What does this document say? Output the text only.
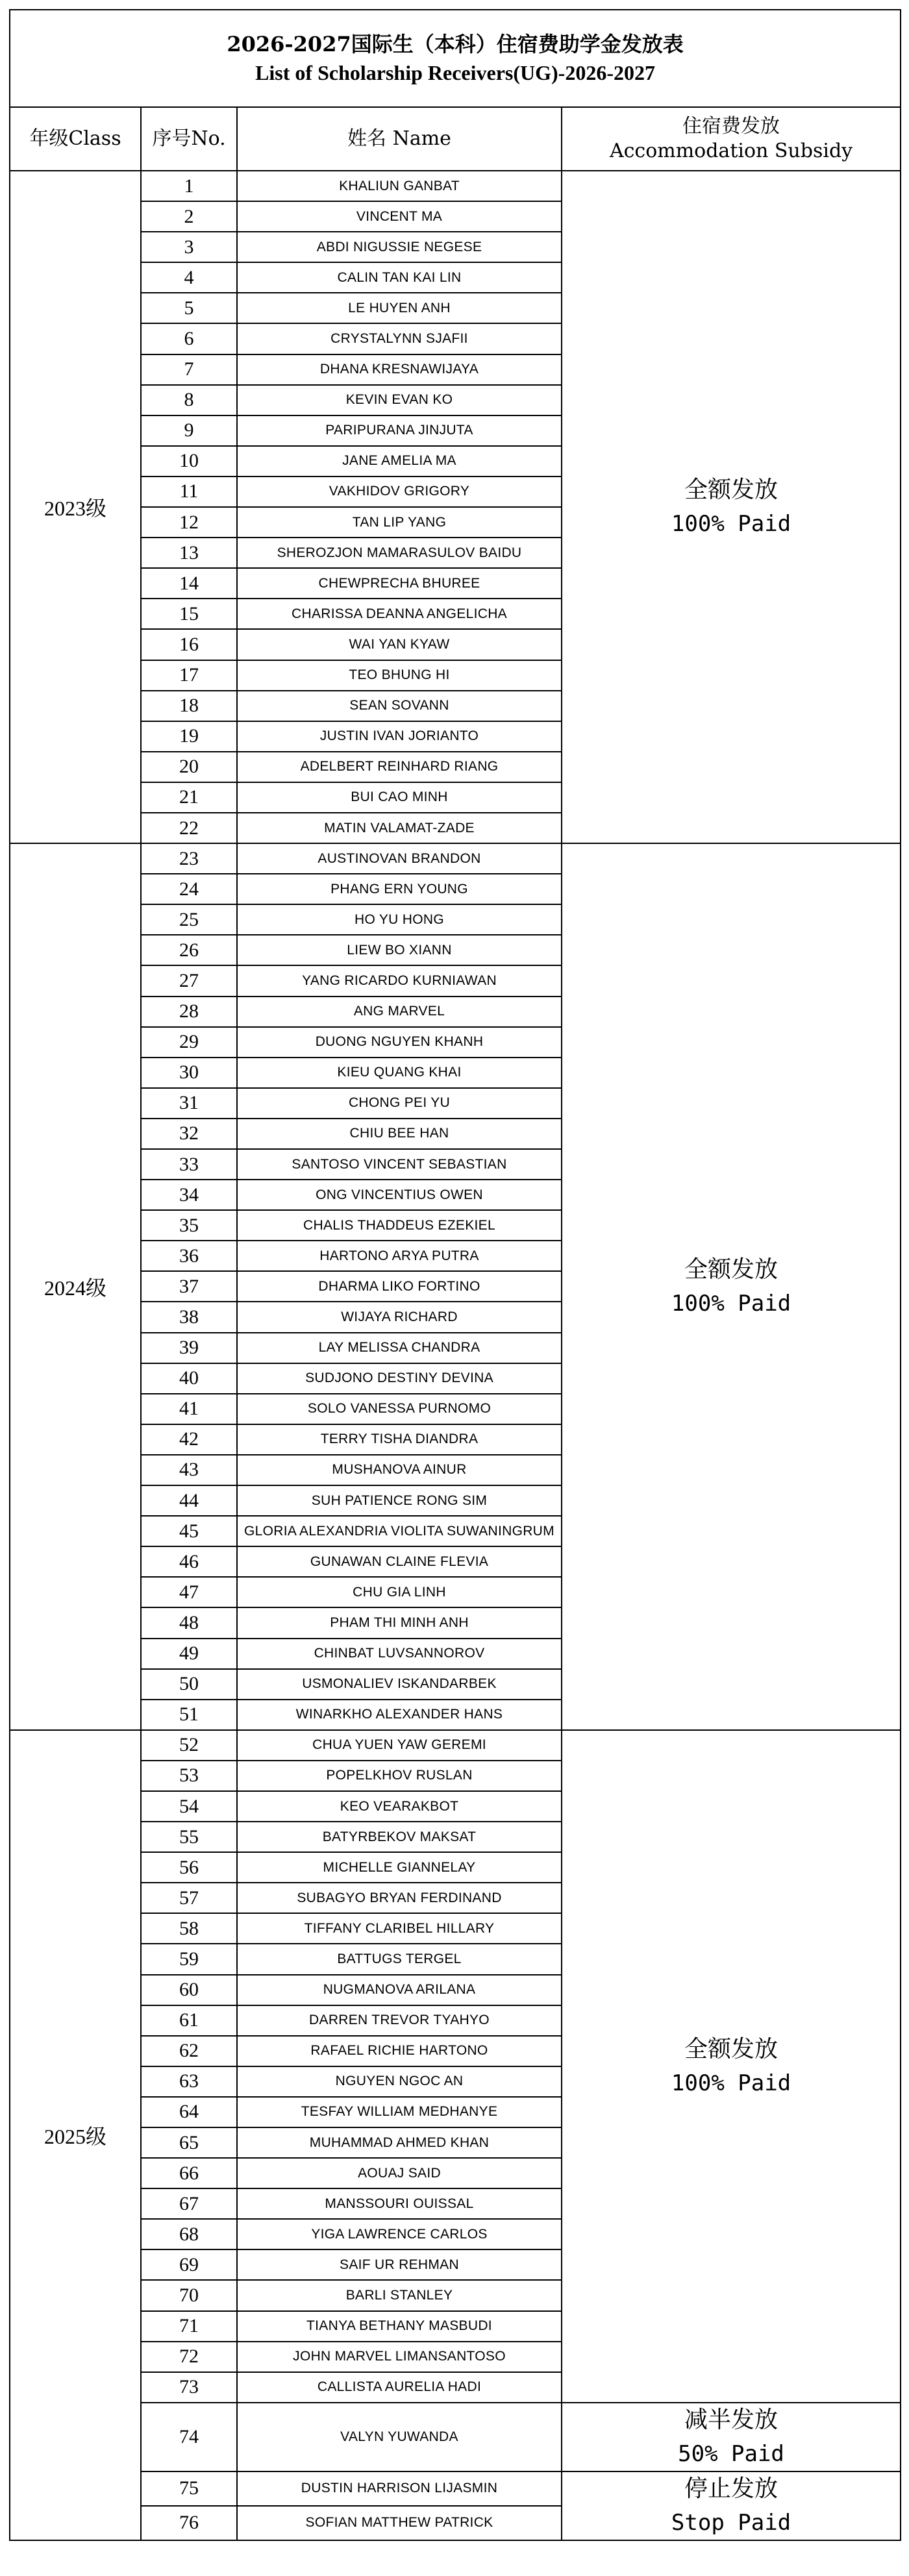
2026-2027国际生（本科）住宿费助学金发放表
List of Scholarship Receivers(UG)-2026-2027			

年级Class	序号No.	姓名 Name	住宿费发放
Accommodation Subsidy

2023级	1	KHALIUN GANBAT	全额发放
100% Paid

	2	VINCENT MA	
	3	ABDI NIGUSSIE NEGESE	
	4	CALIN TAN KAI LIN	
	5	LE HUYEN ANH	
	6	CRYSTALYNN SJAFII	
	7	DHANA KRESNAWIJAYA	
	8	KEVIN EVAN KO	
	9	PARIPURANA JINJUTA	
	10	JANE AMELIA MA	
	11	VAKHIDOV GRIGORY	
	12	TAN LIP YANG	
	13	SHEROZJON MAMARASULOV BAIDU	
	14	CHEWPRECHA BHUREE	
	15	CHARISSA DEANNA ANGELICHA	
	16	WAI YAN KYAW	
	17	TEO BHUNG HI	
	18	SEAN SOVANN	
	19	JUSTIN IVAN JORIANTO	
	20	ADELBERT REINHARD RIANG	
	21	BUI CAO MINH	
	22	MATIN VALAMAT-ZADE	
2024级	23	AUSTINOVAN BRANDON	全额发放
100% Paid

	24	PHANG ERN YOUNG	
	25	HO YU HONG	
	26	LIEW BO XIANN	
	27	YANG RICARDO KURNIAWAN	
	28	ANG MARVEL	
	29	DUONG NGUYEN KHANH	
	30	KIEU QUANG KHAI	
	31	CHONG PEI YU	
	32	CHIU BEE HAN	
	33	SANTOSO VINCENT SEBASTIAN	
	34	ONG VINCENTIUS OWEN	
	35	CHALIS THADDEUS EZEKIEL	
	36	HARTONO ARYA PUTRA	
	37	DHARMA LIKO FORTINO	
	38	WIJAYA RICHARD	
	39	LAY MELISSA CHANDRA	
	40	SUDJONO DESTINY DEVINA	
	41	SOLO VANESSA PURNOMO	
	42	TERRY TISHA DIANDRA	
	43	MUSHANOVA AINUR	
	44	SUH PATIENCE RONG SIM	
	45	GLORIA ALEXANDRIA VIOLITA SUWANINGRUM	
	46	GUNAWAN CLAINE FLEVIA	
	47	CHU GIA LINH	
	48	PHAM THI MINH ANH	
	49	CHINBAT LUVSANNOROV	
	50	USMONALIEV ISKANDARBEK	
	51	WINARKHO ALEXANDER HANS	
2025级	52	CHUA YUEN YAW GEREMI	全额发放
100% Paid

	53	POPELKHOV RUSLAN	
	54	KEO VEARAKBOT	
	55	BATYRBEKOV MAKSAT	
	56	MICHELLE GIANNELAY	
	57	SUBAGYO BRYAN FERDINAND	
	58	TIFFANY CLARIBEL HILLARY	
	59	BATTUGS TERGEL	
	60	NUGMANOVA ARILANA	
	61	DARREN TREVOR TYAHYO	
	62	RAFAEL RICHIE HARTONO	
	63	NGUYEN NGOC AN	
	64	TESFAY WILLIAM MEDHANYE	
	65	MUHAMMAD AHMED KHAN	
	66	AOUAJ SAID	
	67	MANSSOURI OUISSAL	
	68	YIGA LAWRENCE CARLOS	
	69	SAIF UR REHMAN	
	70	BARLI STANLEY	
	71	TIANYA BETHANY MASBUDI	
	72	JOHN MARVEL LIMANSANTOSO	
	73	CALLISTA AURELIA HADI	
	74	VALYN YUWANDA	减半发放
50% Paid

	75	DUSTIN HARRISON LIJASMIN	停止发放
Stop Paid

	76	SOFIAN MATTHEW PATRICK	
